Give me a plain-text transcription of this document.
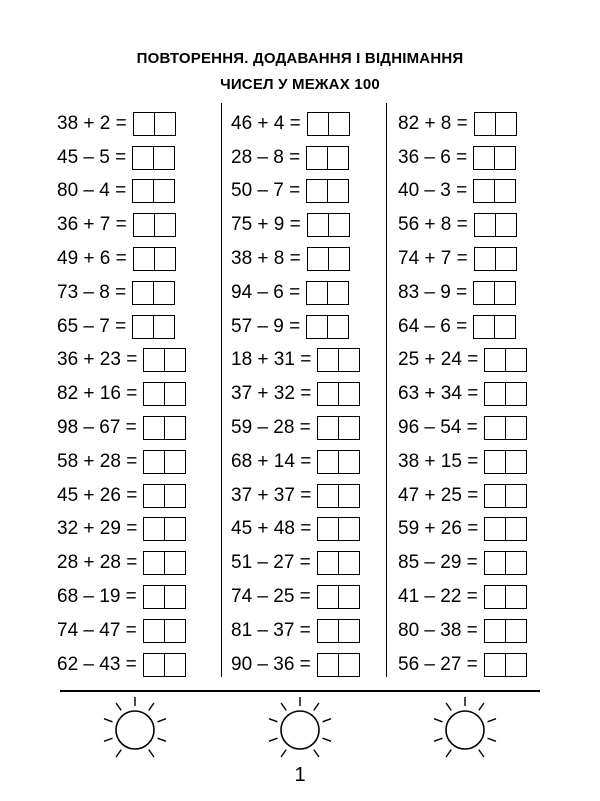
ПОВТОРЕННЯ. ДОДАВАННЯ І ВІДНІМАННЯ
ЧИСЕЛ У МЕЖАХ 100
38 + 2 =
45 – 5 =
80 – 4 =
36 + 7 =
49 + 6 =
73 – 8 =
65 – 7 =
36 + 23 =
82 + 16 =
98 – 67 =
58 + 28 =
45 + 26 =
32 + 29 =
28 + 28 =
68 – 19 =
74 – 47 =
62 – 43 =
46 + 4 =
28 – 8 =
50 – 7 =
75 + 9 =
38 + 8 =
94 – 6 =
57 – 9 =
18 + 31 =
37 + 32 =
59 – 28 =
68 + 14 =
37 + 37 =
45 + 48 =
51 – 27 =
74 – 25 =
81 – 37 =
90 – 36 =
82 + 8 =
36 – 6 =
40 – 3 =
56 + 8 =
74 + 7 =
83 – 9 =
64 – 6 =
25 + 24 =
63 + 34 =
96 – 54 =
38 + 15 =
47 + 25 =
59 + 26 =
85 – 29 =
41 – 22 =
80 – 38 =
56 – 27 =
1
